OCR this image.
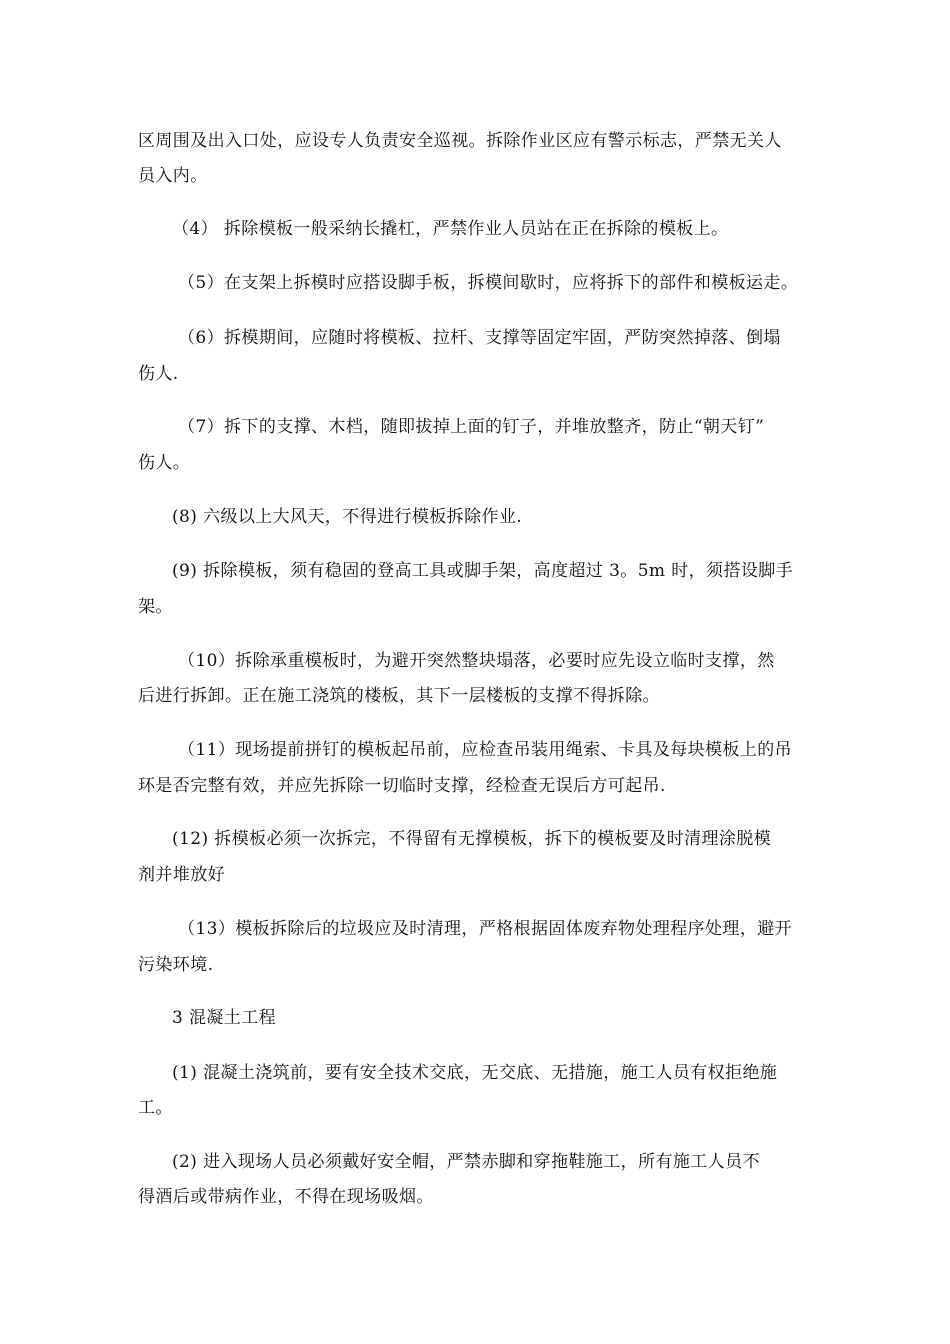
区周围及出入口处，应设专人负责安全巡视。拆除作业区应有警示标志，严禁无关人

员入内。

（4） 拆除模板一般采纳长撬杠，严禁作业人员站在正在拆除的模板上。

（5）在支架上拆模时应搭设脚手板，拆模间歇时，应将拆下的部件和模板运走。

（6）拆模期间，应随时将模板、拉杆、支撑等固定牢固，严防突然掉落、倒塌

伤人.

（7）拆下的支撑、木档，随即拔掉上面的钉子，并堆放整齐，防止“朝天钉”

伤人。

(8) 六级以上大风天，不得进行模板拆除作业.

(9) 拆除模板，须有稳固的登高工具或脚手架，高度超过 3。5m 时，须搭设脚手

架。

（10）拆除承重模板时，为避开突然整块塌落，必要时应先设立临时支撑，然

后进行拆卸。正在施工浇筑的楼板，其下一层楼板的支撑不得拆除。

（11）现场提前拼钉的模板起吊前，应检查吊装用绳索、卡具及每块模板上的吊

环是否完整有效，并应先拆除一切临时支撑，经检查无误后方可起吊.

(12) 拆模板必须一次拆完，不得留有无撑模板，拆下的模板要及时清理涂脱模

剂并堆放好

（13）模板拆除后的垃圾应及时清理，严格根据固体废弃物处理程序处理，避开

污染环境.

3 混凝土工程

(1) 混凝土浇筑前，要有安全技术交底，无交底、无措施，施工人员有权拒绝施

工。

(2) 进入现场人员必须戴好安全帽，严禁赤脚和穿拖鞋施工，所有施工人员不

得酒后或带病作业，不得在现场吸烟。
